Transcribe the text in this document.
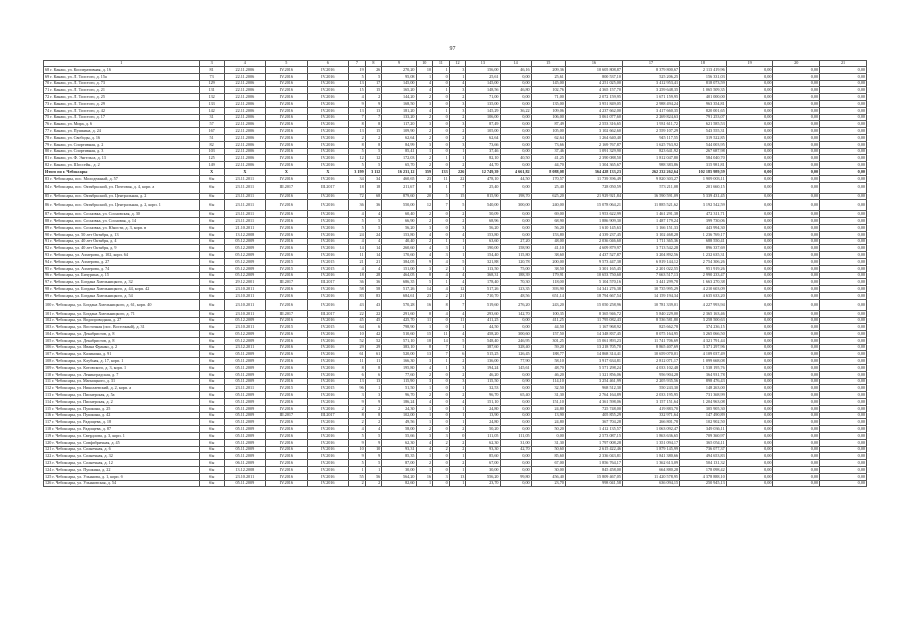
97
1	3	4	5	6	7	8	9	10	11	12	13	14	15	16	17	18	19	20	21
68 г. Канаш, ул. Кооперативная, д. 16	81	22.11.2006	IV.2016	IV.2016	19	26	270,20	10	1	3	156,00	46,16	209,36	10 605 808,87	8 379 800,67	2 113 419,96	0,00	0,00	0,00
69 г. Канаш, ул. Л. Толстого, д. 15а	73	22.11.2006	IV.2016	IV.2016	5	5	95,08	1	0	1	25,61	0,00	25,61	800 537,10	525 206,25	156 331,03	0,00	0,00	0,00
70 г. Канаш, ул. Л. Толстого, д. 73	129	22.11.2006	IV.2016	IV.2016	13	17	145,00	4	0	4	145,00	0,00	145,00	4 251 025,00	3 412 953,41	818 073,59	0,00	0,00	0,00
71 г. Канаш, ул. Л. Толстого, д. 21	131	22.11.2006	IV.2016	IV.2016	15	15	165,20	4	1	3	148,56	46,80	102,76	4 365 157,70	3 259 648,35	1 065 509,35	0,00	0,00	0,00
72 г. Канаш, ул. Л. Толстого, д. 25	132	22.11.2006	IV.2016	IV.2016	4	2	144,20	2	0	2	71,00	0,00	71,00	2 072 159,95	1 671 159,95	401 000,00	0,00	0,00	0,00
73 г. Канаш, ул. Л. Толстого, д. 29	133	22.11.2006	IV.2016	IV.2016	9	9	168,50	3	0	3	135,00	0,00	135,00	3 951 849,05	2 988 494,24	963 354,81	0,00	0,00	0,00
74 г. Канаш, ул. Л. Толстого, д. 42	142	22.11.2006	IV.2016	IV.2016	13	13	181,20	4	1	3	145,29	36,22	109,06	4 237 662,00	3 417 660,35	820 001,65	0,00	0,00	0,00
75 г. Канаш, ул. Л. Толстого, д. 17	31	22.11.2006	IV.2016	IV.2016	7	7	133,20	2	0	2	106,00	0,00	106,00	3 061 077,60	2 269 824,63	791 253,07	0,00	0,00	0,00
76 г. Канаш, ул. Мира, д. 6	57	22.11.2006	IV.2016	IV.2016	8	8	117,20	3	0	3	87,49	0,00	87,49	2 553 316,65	1 931 611,72	621 585,53	0,00	0,00	0,00
77 г. Канаш, ул. Пушкина, д. 24	167	22.11.2006	IV.2016	IV.2016	13	15	109,90	2	0	2	105,00	0,00	105,00	3 102 662,60	2 559 107,29	543 555,31	0,00	0,00	0,00
78 г. Канаш, ул. Свободы, д. 16	51	22.11.2006	IV.2016	IV.2016	2	2	62,64	2	0	2	62,64	0,00	62,64	1 264 640,40	945 117,55	319 522,85	0,00	0,00	0,00
79 г. Канаш, ул. Спортивная, д. 2	82	22.11.2006	IV.2016	IV.2016	8	8	84,99	3	0	3	73,66	0,00	73,66	2 169 767,87	1 625 763,92	544 003,95	0,00	0,00	0,00
80 г. Канаш, ул. Спортивная, д. 3	103	22.11.2006	IV.2016	IV.2016	5	5	85,41	1	0	1	37,46	0,00	37,46	1 091 329,90	823 641,92	267 687,98	0,00	0,00	0,00
81 г. Канаш, ул. Ф. Энгельса, д. 13	125	22.11.2006	IV.2016	IV.2016	12	12	172,03	2	1	1	82,10	40,50	41,25	2 390 088,50	1 812 047,80	584 040,70	0,00	0,00	0,00
82 г. Канаш, ул. Шоссейн., д. 2	149	22.11.2006	IV.2016	IV.2016	5	5	65,70	2	0	2	44,70	0,00	44,70	1 304 365,67	988 383,86	315 981,81	0,00	0,00	0,00
Итого по г. Чебоксары	X	X	X	X	3 199	3 112	16 231,12	359	133	226	12 749,39	4 661,82	8 088,08	364 428 133,23	262 232 262,64	102 185 989,59	0,00	0,00	0,00
83 г. Чебоксары, пос. Молодежный, д. 57	б/н	23.11.2011	IV.2016	IV.2016	34	34	460,65	23	11	22	478,10	44,50	170,57	11 739 396,49	9 820 303,27	1 909 003,11	0,00	0,00	0,00
84 г. Чебоксары, пос. Октябрьский, ул. Почтовая, д. 4, корп. а	б/н	23.11.2011	III.2017	III.2017	18	18	211,67	8	1	7	25,40	0,00	25,40	728 050,59	573 211,08	201 660,15	0,00	0,00	0,00
85 г. Чебоксары, пос. Октябрьский, ул. Центральная, д. 2	б/н	23.11.2011	IV.2016	IV.2016	72	68	879,60	20	5	15	815,90	198,70	625,20	21 929 921,84	16 590 591,09	5 339 431,45	0,00	0,00	0,00
86 г. Чебоксары, пос. Октябрьский, ул. Центральная, д. 2, корп. 1	б/н	23.11.2011	IV.2016	IV.2016	36	36	550,00	12	7	5	540,00	300,00	240,00	15 078 064,21	11 885 521,62	3 192 542,59	0,00	0,00	0,00
87 г. Чебоксары, пос. Сосновка, ул. Сосновская, д. 30	б/н	23.11.2011	IV.2016	IV.2016	4	4	60,40	2	0	2	50,09	0,00	69,00	1 953 622,99	1 461 291,38	472 311,71	0,00	0,00	0,00
88 г. Чебоксары, пос. Сосновка, ул. Сосновая, д. 14	б/н	23.11.2011	IV.2016	IV.2016	5	5	66,90	2	0	2	68,96	0,00	68,90	1 886 909,30	1 487 179,24	399 730,06	0,00	0,00	0,00
89 г. Чебоксары, пос. Сосновка, ул. Юности, д. 3, корп. в	б/н	21.10.2011	IV.2016	IV.2016	5	5	56,20	3	0	3	56,20	0,00	56,20	1 610 145,63	1 166 151,33	443 994,30	0,00	0,00	0,00
90 г. Чебоксары, ул. 50 лет Октября, д. 13	б/н	13.12.2008	IV.2016	IV.2016	24	24	153,80	4	0	4	153,80	0,00	153,80	4 339 237,45	3 102 468,28	1 236 769,17	0,00	0,00	0,00
91 г. Чебоксары, ул. 40 лет Октября, д. 4	б/н	05.12.2009	IV.2016	IV.2016	4	4	40,40	2	1	1	63,60	27,20	48,00	2 036 046,60	1 711 365,36	688 550,41	0,00	0,00	0,00
92 г. Чебоксары, ул. 40 лет Октября, д. 9	б/н	05.12.2009	IV.2016	IV.2016	14	14	260,60	4	3	1	190,00	158,90	41,10	4 609 879,97	3 713 542,28	896 337,69	0,00	0,00	0,00
93 г. Чебоксары, ул. Ахмерова, д. 102, корп. 64	б/н	05.12.2009	IV.2016	IV.2016	11	14	170,60	4	3	1	154,40	115,80	38,60	4 437 527,87	3 204 892,56	1 232 635,31	0,00	0,00	0,00
94 г. Чебоксары, ул. Ахмерова, д. 27	б/н	05.12.2009	IV.2015	IV.2015	21	21	384,05	9	4	5	321,88	120,78	200,00	9 573 447,38	6 819 144,12	2 754 306,26	0,00	0,00	0,00
95 г. Чебоксары, ул. Ахмерова, д. 74	б/н	05.12.2009	IV.2015	IV.2015	4	4	151,00	3	2	1	113,50	75,00	38,50	3 301 165,45	2 201 022,55	951 919,26	0,00	0,00	0,00
96 г. Чебоксары, ул. Бичурина, д. 15	б/н	05.12.2009	IV.2016	IV.2016	18	28	464,05	8	4	4	368,31	188,39	179,91	10 653 750,60	7 663 517,13	2 990 233,47	0,00	0,00	0,00
97 г. Чебоксары, ул. Богдана Хмельницкого, д. 32	б/н	29.12.2001	III.2017	III.2017	36	36	686,35	5	1	4	178,40	70,30	118,00	5 104 570,16	3 441 299,78	1 663 270,38	0,00	0,00	0,00
98 г. Чебоксары, ул. Богдана Хмельницкого, д. 44, корп. 42	б/н	23.10.2011	IV.2016	IV.2016	58	58	517,26	14	4	12	517,26	123,35	393,90	14 341 276,38	10 735 995,29	4 210 603,09	0,00	0,00	0,00
99 г. Чебоксары, ул. Богдана Хмельницкого, д. 54	б/н	23.10.2011	IV.2016	IV.2016	83	83	684,61	23	2	21	710,70	48,56	651,14	18 794 667,54	14 159 194,34	4 635 633,20	0,00	0,00	0,00
100 г. Чебоксары, ул. Богдана Хмельницкого, д. 61, корп. 40	б/н	23.10.2011	IV.2016	IV.2016	43	43	570,28	16	8	7	519,60	276,20	243,20	15 050 258,96	10 781 339,01	4 227 993,94	0,00	0,00	0,00
101 г. Чебоксары, ул. Богдана Хмельницкого, д. 71	б/н	23.10.2011	III.2017	III.2017	22	22	291,60	8	4	4	293,60	142,70	100,35	8 365 946,72	5 840 229,00	2 365 163,46	0,00	0,00	0,00
102 г. Чебоксары, ул. Водопроводная, д. 27	б/н	05.12.2009	IV.2016	IV.2016	45	45	425,70	11	0	11	411,25	0,00	411,25	11 795 082,43	8 536 581,80	3 258 500,63	0,00	0,00	0,00
103 г. Чебоксары, ул. Восточная (пос. Восточный), д. 31	б/н	23.10.2011	IV.2015	IV.2015	64	6	798,90	1	0	1	44,50	0,00	44,50	1 167 968,92	825 662,78	374 236,15	0,00	0,00	0,00
104 г. Чебоксары, ул. Декабристов, д. 8	б/н	05.12.2009	IV.2016	IV.2016	10	42	510,60	15	11	4	458,20	300,60	157,50	14 348 837,45	8 075 164,95	3 265 066,50	0,00	0,00	0,00
105 г. Чебоксары, ул. Декабристов, д. 8	б/н	05.12.2009	IV.2016	IV.2016	52	52	571,10	18	14	5	548,40	246,95	301,25	15 061 893,23	11 741 706,69	4 321 791,44	0,00	0,00	0,00
106 г. Чебоксары, ул. Ивана Франко, д. 2	б/н	23.12.2011	IV.2016	IV.2016	29	29	383,10	8	7	1	387,60	328,40	59,20	13 218 705,70	8 865 407,69	3 371 297,96	0,00	0,00	0,00
107 г. Чебоксары, ул. Калинина, д. 91	б/н	05.11.2009	IV.2016	IV.2016	61	61	520,00	13	7	6	515,25	126,45	188,77	14 868 314,41	10 659 070,01	4 109 037,49	0,00	0,00	0,00
108 г. Чебоксары, ул. Клубная, д. 17, корп. 1	б/н	05.11.2009	IV.2016	IV.2016	11	11	166,30	3	1	2	136,00	77,90	58,10	3 917 634,81	2 812 071,17	1 099 668,08	0,00	0,00	0,00
109 г. Чебоксары, ул. Котовского, д. 3, корп. 1	б/н	05.11.2009	IV.2016	IV.2016	8	8	195,80	4	1	3	194,24	145,61	48,70	5 571 298,24	4 033 102,48	1 538 195,76	0,00	0,00	0,00
110 г. Чебоксары, ул. Ленинградская, д. 7	б/н	05.11.2009	IV.2016	IV.2016	6	6	77,60	2	0	2	46,20	0,00	46,20	1 321 856,06	956 904,28	364 931,78	0,00	0,00	0,00
111 г. Чебоксары, ул. Магницкого, д. 31	б/н	05.11.2009	IV.2016	IV.2016	13	13	115,90	3	0	3	115,50	0,90	114,10	3 254 461,99	2 205 935,56	898 476,43	0,00	0,00	0,00
112 г. Чебоксары, ул. Николаевский, д. 2, корп. а	б/н	23.11.2011	IV.2015	IV.2015	96	1	51,50	1	0	1	32,53	0,00	32,50	968 512,30	550 243,30	148 263,00	0,00	0,00	0,00
113 г. Чебоксары, ул. Пионерская, д. 5а	б/н	05.11.2009	IV.2016	IV.2016	3	3	96,70	2	0	2	96,70	65,40	31,30	2 764 164,89	2 033 195,95	731 368,99	0,00	0,00	0,00
114 г. Чебоксары, ул. Пионерская, д. 2	б/н	05.11.2009	IV.2016	IV.2016	9	9	186,24	4	0	4	151,10	0,00	151,10	4 361 598,06	3 157 151,64	1 204 963,08	0,00	0,00	0,00
115 г. Чебоксары, ул. Пушкина, д. 25	б/н	05.11.2009	IV.2016	IV.2016	2	2	24,30	1	0	1	24,80	0,00	24,80	725 748,00	419 883,70	305 905,30	0,00	0,00	0,00
116 г. Чебоксары, ул. Пушкина, д. 42	б/н	05.11.2009	III.2017	III.2017	8	8	102,00	1	0	1	13,90	0,00	13,90	405 855,29	332 971,64	147 490,89	0,00	0,00	0,00
117 г. Чебоксары, ул. Радищева, д. 18	б/н	05.11.2009	IV.2016	IV.2016	2	2	49,56	1	0	1	24,80	0,00	24,80	367 704,28	266 801,78	102 902,50	0,00	0,00	0,00
118 г. Чебоксары, ул. Радищева, д. 87	б/н	05.11.2009	IV.2016	IV.2016	4	4	58,00	2	0	2	50,20	0,00	50,20	1 412 135,57	1 063 092,47	349 036,11	0,00	0,00	0,00
119 г. Чебоксары, ул. Свердлова, д. 3, корп. 1	б/н	05.11.2009	IV.2016	IV.2016	5	5	55,66	3	3	0	111,05	111,05	0,00	2 573 087,15	1 863 636,65	709 360,97	0,00	0,00	0,00
120 г. Чебоксары, ул. Совфабричная, д. 45	б/н	05.11.2009	IV.2016	IV.2016	9	9	62,30	4	2	2	62,30	31,00	31,30	1 797 008,28	1 351 094,17	365 054,11	0,00	0,00	0,00
121 г. Чебоксары, ул. Солнечная, д. 6	б/н	05.11.2009	IV.2016	IV.2016	10	10	93,31	4	2	2	93,30	42,70	50,60	2 615 422,46	1 879 145,99	736 077,37	0,00	0,00	0,00
122 г. Чебоксары, ул. Солнечная, д. 32	б/н	05.11.2009	IV.2016	IV.2016	9	9	85,35	1	0	1	85,60	0,00	85,60	2 336 043,81	1 841 380,66	494 653,83	0,00	0,00	0,00
123 г. Чебоксары, ул. Солнечная, д. 12	б/н	06.11.2009	IV.2016	IV.2016	5	5	87,00	2	0	2	67,00	0,00	67,00	1 856 764,17	1 362 613,09	504 131,32	0,00	0,00	0,00
124 г. Чебоксары, ул. Пушкина, д. 22	б/н	13.12.2008	IV.2016	IV.2016	1	1	30,00	1	0	1	30,00	0,00	30,00	845 458,00	664 880,28	178 098,42	0,00	0,00	0,00
125 г. Чебоксары, ул. Ульянова, д. 1, корп. б	б/н	23.10.2011	IV.2016	IV.2016	55	56	564,20	16	3	13	556,20	99,80	456,40	15 809 467,05	11 420 578,95	4 378 888,10	0,00	0,00	0,00
126 г. Чебоксары, ул. Ульяновская, д. 54	б/н	05.11.2009	IV.2016	IV.2016	2	2	82,60	1	0	1	23,70	0,00	23,70	998 041,58	636 094,15	250 945,13	0,00	0,00	0,00
